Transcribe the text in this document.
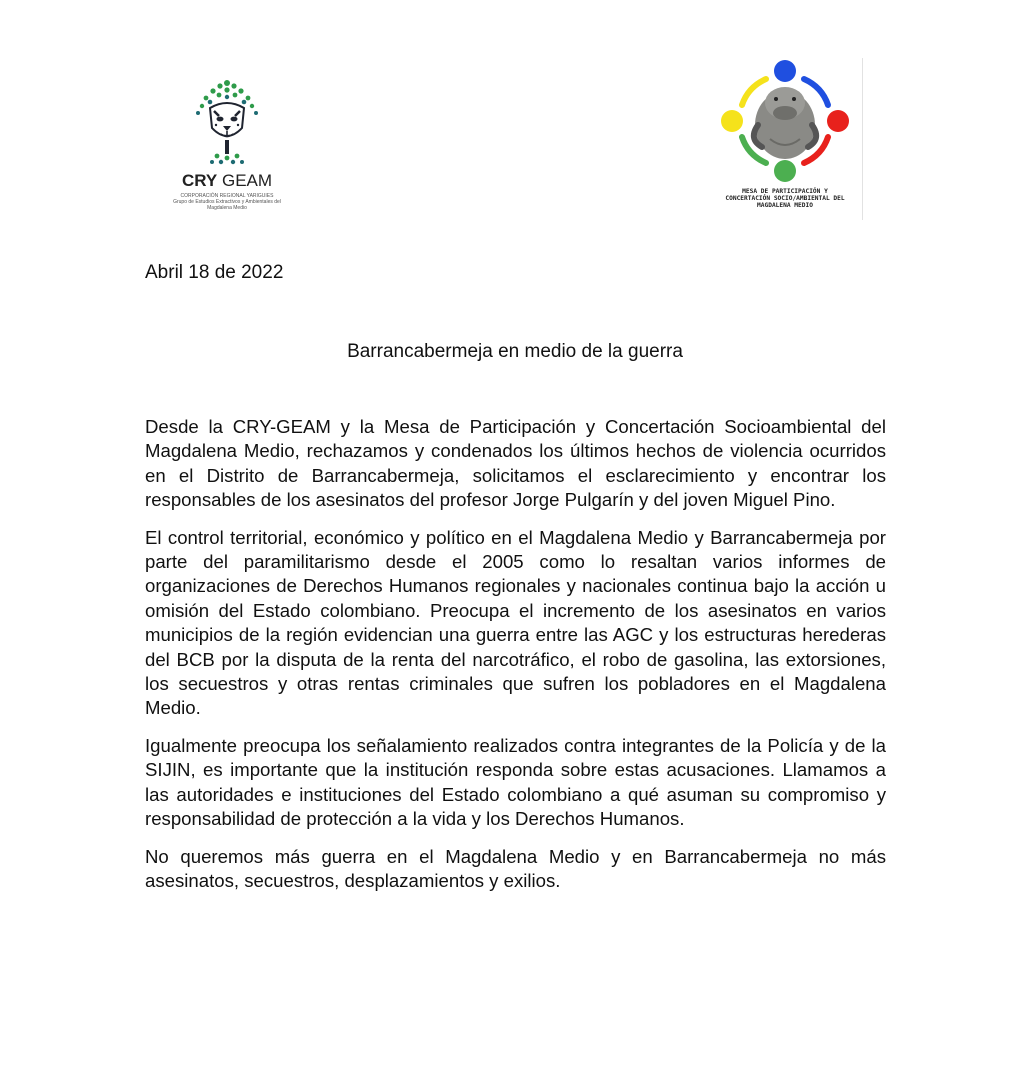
CRY GEAM
CORPORACIÓN REGIONAL YARIGUIES
Grupo de Estudios Extractivos y Ambientales del
Magdalena Medio
MESA DE PARTICIPACIÓN Y
CONCERTACIÓN SOCIO/AMBIENTAL DEL
MAGDALENA MEDIO
Abril 18 de 2022
Barrancabermeja en medio de la guerra

Desde la CRY-GEAM y la Mesa de Participación y Concertación Socioambiental del Magdalena Medio, rechazamos y condenados los últimos hechos de violencia ocurridos en el Distrito de Barrancabermeja, solicitamos el esclarecimiento y encontrar los responsables de los asesinatos del profesor Jorge Pulgarín y del joven Miguel Pino.

El control territorial, económico y político en el Magdalena Medio y Barrancabermeja por parte del paramilitarismo desde el 2005 como lo resaltan varios informes de organizaciones de Derechos Humanos regionales y nacionales continua bajo la acción u omisión del Estado colombiano. Preocupa el incremento de los asesinatos en varios municipios de la región evidencian una guerra entre las AGC y los estructuras herederas del BCB por la disputa de la renta del narcotráfico, el robo de gasolina, las extorsiones, los secuestros y otras rentas criminales que sufren los pobladores en el Magdalena Medio.

Igualmente preocupa los señalamiento realizados contra integrantes de la Policía y de la SIJIN, es importante que la institución responda sobre estas acusaciones. Llamamos a las autoridades e instituciones del Estado colombiano a qué asuman su compromiso y responsabilidad de protección a la vida y los Derechos Humanos.

No queremos más guerra en el Magdalena Medio y en Barrancabermeja no más asesinatos, secuestros, desplazamientos y exilios.
